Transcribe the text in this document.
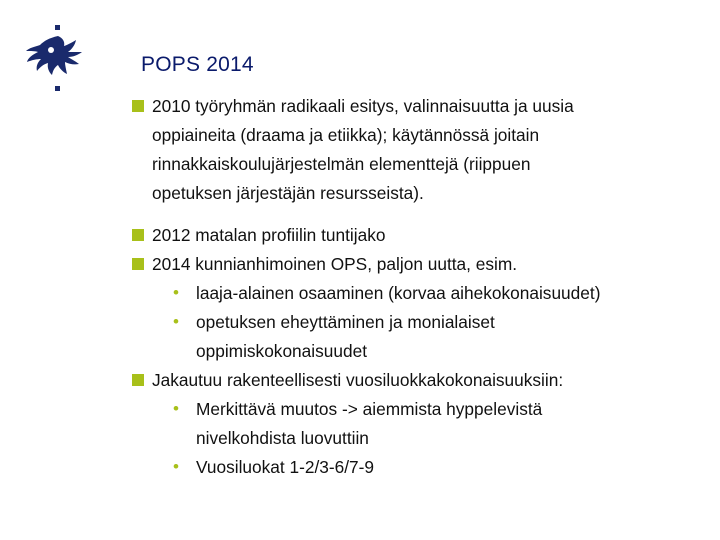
POPS 2014
2010 työryhmän radikaali esitys, valinnaisuutta ja uusia
oppiaineita (draama ja etiikka); käytännössä joitain
rinnakkaiskoulujärjestelmän elementtejä (riippuen
opetuksen järjestäjän resursseista).
2012 matalan profiilin tuntijako
2014 kunnianhimoinen OPS, paljon uutta, esim.
• laaja-alainen osaaminen (korvaa aihekokonaisuudet)
• opetuksen eheyttäminen ja monialaiset
oppimiskokonaisuudet
Jakautuu rakenteellisesti vuosiluokkakokonaisuuksiin:
• Merkittävä muutos -> aiemmista hyppelevistä
nivelkohdista luovuttiin
• Vuosiluokat 1-2/3-6/7-9
